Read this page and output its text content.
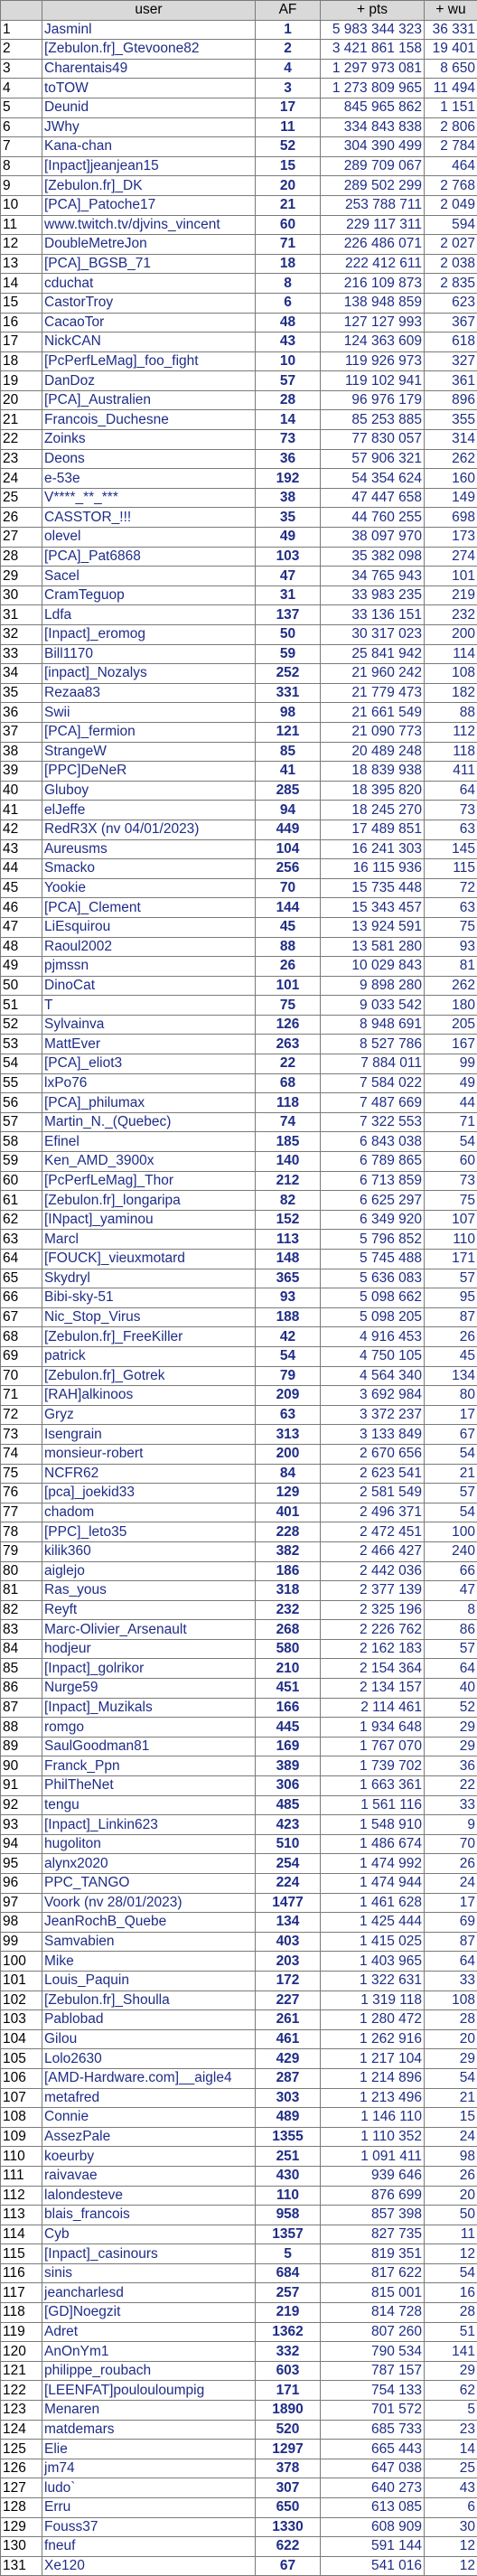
	user	AF	+ pts	+ wu
1	Jasminl	1	5 983 344 323	36 331
2	[Zebulon.fr]_Gtevoone82	2	3 421 861 158	19 401
3	Charentais49	4	1 297 973 081	8 650
4	toTOW	3	1 273 809 965	11 494
5	Deunid	17	845 965 862	1 151
6	JWhy	11	334 843 838	2 806
7	Kana-chan	52	304 390 499	2 784
8	[Inpact]jeanjean15	15	289 709 067	464
9	[Zebulon.fr]_DK	20	289 502 299	2 768
10	[PCA]_Patoche17	21	253 788 711	2 049
11	www.twitch.tv/djvins_vincent	60	229 117 311	594
12	DoubleMetreJon	71	226 486 071	2 027
13	[PCA]_BGSB_71	18	222 412 611	2 038
14	cduchat	8	216 109 873	2 835
15	CastorTroy	6	138 948 859	623
16	CacaoTor	48	127 127 993	367
17	NickCAN	43	124 363 609	618
18	[PcPerfLeMag]_foo_fight	10	119 926 973	327
19	DanDoz	57	119 102 941	361
20	[PCA]_Australien	28	96 976 179	896
21	Francois_Duchesne	14	85 253 885	355
22	Zoinks	73	77 830 057	314
23	Deons	36	57 906 321	262
24	e-53e	192	54 354 624	160
25	V****_**_***	38	47 447 658	149
26	CASSTOR_!!!	35	44 760 255	698
27	olevel	49	38 097 970	173
28	[PCA]_Pat6868	103	35 382 098	274
29	Sacel	47	34 765 943	101
30	CramTeguop	31	33 983 235	219
31	Ldfa	137	33 136 151	232
32	[Inpact]_eromog	50	30 317 023	200
33	Bill1170	59	25 841 942	114
34	[inpact]_Nozalys	252	21 960 242	108
35	Rezaa83	331	21 779 473	182
36	Swii	98	21 661 549	88
37	[PCA]_fermion	121	21 090 773	112
38	StrangeW	85	20 489 248	118
39	[PPC]DeNeR	41	18 839 938	411
40	Gluboy	285	18 395 820	64
41	elJeffe	94	18 245 270	73
42	RedR3X (nv 04/01/2023)	449	17 489 851	63
43	Aureusms	104	16 241 303	145
44	Smacko	256	16 115 936	115
45	Yookie	70	15 735 448	72
46	[PCA]_Clement	144	15 343 457	63
47	LiEsquirou	45	13 924 591	75
48	Raoul2002	88	13 581 280	93
49	pjmssn	26	10 029 843	81
50	DinoCat	101	9 898 280	262
51	T	75	9 033 542	180
52	Sylvainva	126	8 948 691	205
53	MattEver	263	8 527 786	167
54	[PCA]_eliot3	22	7 884 011	99
55	lxPo76	68	7 584 022	49
56	[PCA]_philumax	118	7 487 669	44
57	Martin_N._(Quebec)	74	7 322 553	71
58	Efinel	185	6 843 038	54
59	Ken_AMD_3900x	140	6 789 865	60
60	[PcPerfLeMag]_Thor	212	6 713 859	73
61	[Zebulon.fr]_longaripa	82	6 625 297	75
62	[INpact]_yaminou	152	6 349 920	107
63	Marcl	113	5 796 852	110
64	[FOUCK]_vieuxmotard	148	5 745 488	171
65	Skydryl	365	5 636 083	57
66	Bibi-sky-51	93	5 098 662	95
67	Nic_Stop_Virus	188	5 098 205	87
68	[Zebulon.fr]_FreeKiller	42	4 916 453	26
69	patrick	54	4 750 105	45
70	[Zebulon.fr]_Gotrek	79	4 564 340	134
71	[RAH]alkinoos	209	3 692 984	80
72	Gryz	63	3 372 237	17
73	Isengrain	313	3 133 849	67
74	monsieur-robert	200	2 670 656	54
75	NCFR62	84	2 623 541	21
76	[pca]_joekid33	129	2 581 549	57
77	chadom	401	2 496 371	54
78	[PPC]_leto35	228	2 472 451	100
79	kilik360	382	2 466 427	240
80	aiglejo	186	2 442 036	66
81	Ras_yous	318	2 377 139	47
82	Reyft	232	2 325 196	8
83	Marc-Olivier_Arsenault	268	2 226 762	86
84	hodjeur	580	2 162 183	57
85	[Inpact]_golrikor	210	2 154 364	64
86	Nurge59	451	2 134 157	40
87	[Inpact]_Muzikals	166	2 114 461	52
88	romgo	445	1 934 648	29
89	SaulGoodman81	169	1 767 070	29
90	Franck_Ppn	389	1 739 702	36
91	PhilTheNet	306	1 663 361	22
92	tengu	485	1 561 116	33
93	[Inpact]_Linkin623	423	1 548 910	9
94	hugoliton	510	1 486 674	70
95	alynx2020	254	1 474 992	26
96	PPC_TANGO	224	1 474 944	24
97	Voork (nv 28/01/2023)	1477	1 461 628	17
98	JeanRochB_Quebe	134	1 425 444	69
99	Samvabien	403	1 415 025	87
100	Mike	203	1 403 965	64
101	Louis_Paquin	172	1 322 631	33
102	[Zebulon.fr]_Shoulla	227	1 319 118	108
103	Pablobad	261	1 280 472	28
104	Gilou	461	1 262 916	20
105	Lolo2630	429	1 217 104	29
106	[AMD-Hardware.com]__aigle4	287	1 214 896	54
107	metafred	303	1 213 496	21
108	Connie	489	1 146 110	15
109	AssezPale	1355	1 110 352	24
110	koeurby	251	1 091 411	98
111	raivavae	430	939 646	26
112	lalondesteve	110	876 699	20
113	blais_francois	958	857 398	50
114	Cyb	1357	827 735	11
115	[Inpact]_casinours	5	819 351	12
116	sinis	684	817 622	54
117	jeancharlesd	257	815 001	16
118	[GD]Noegzit	219	814 728	28
119	Adret	1362	807 260	51
120	AnOnYm1	332	790 534	141
121	philippe_roubach	603	787 157	29
122	[LEENFAT]poulouloumpig	171	754 133	62
123	Menaren	1890	701 572	5
124	matdemars	520	685 733	23
125	Elie	1297	665 443	14
126	jm74	378	647 038	25
127	ludo`	307	640 273	43
128	Erru	650	613 085	6
129	Fouss37	1330	608 909	30
130	fneuf	622	591 144	12
131	Xe120	67	541 016	12
